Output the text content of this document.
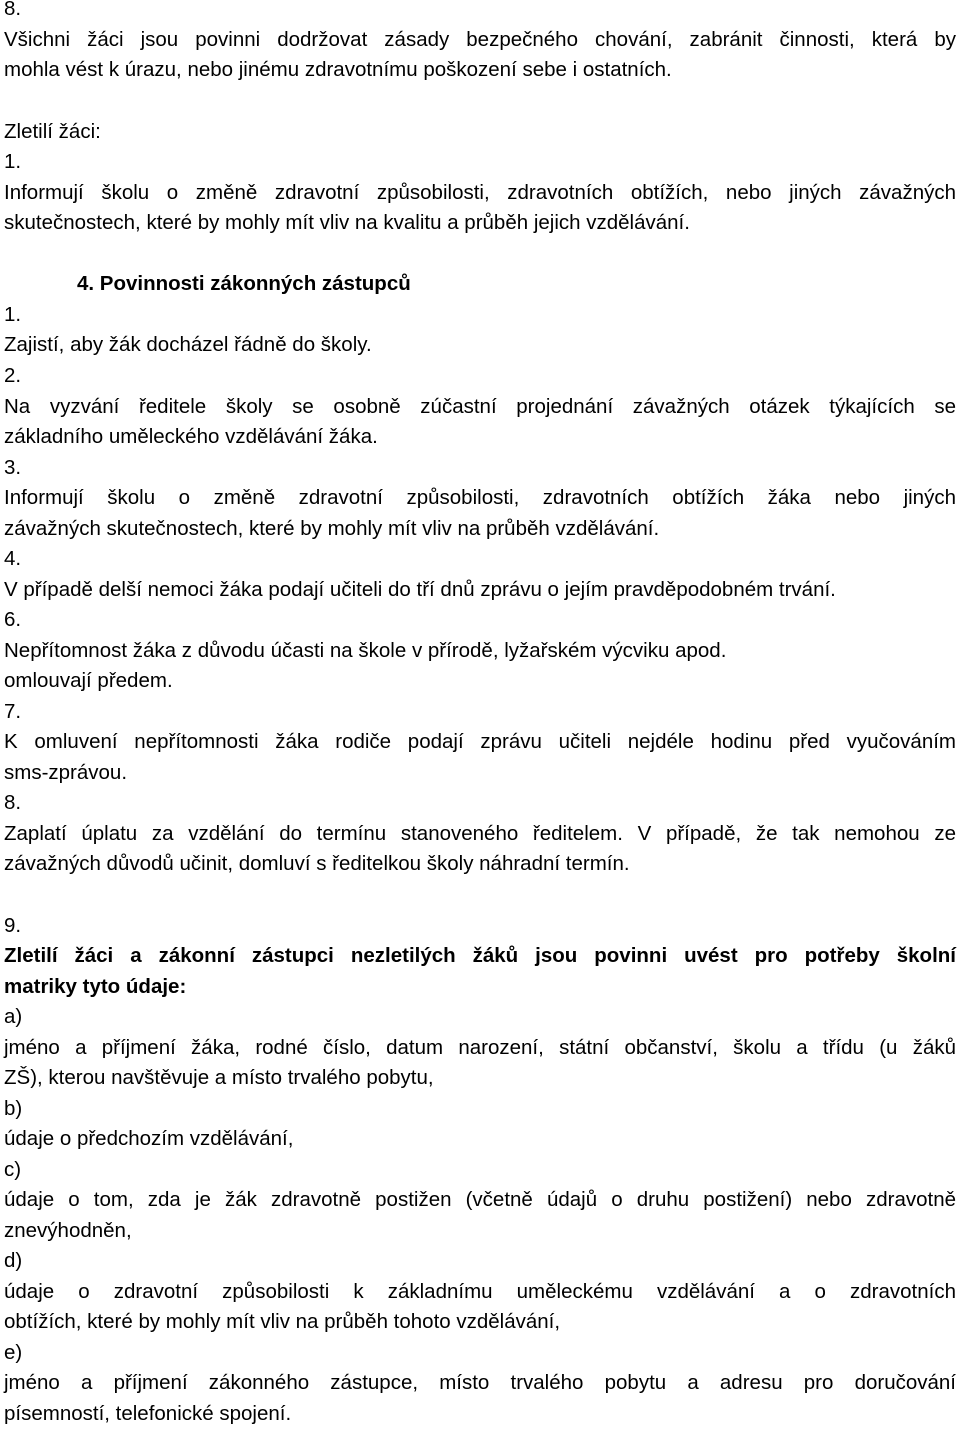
8.
Všichni žáci jsou povinni dodržovat zásady bezpečného chování, zabránit činnosti, která by
mohla vést k úrazu, nebo jinému zdravotnímu poškození sebe i ostatních.
Zletilí žáci:
1.
Informují školu o změně zdravotní způsobilosti, zdravotních obtížích, nebo jiných závažných
skutečnostech, které by mohly mít vliv na kvalitu a průběh jejich vzdělávání.
4. Povinnosti zákonných zástupců
1.
Zajistí, aby žák docházel řádně do školy.
2.
Na vyzvání ředitele školy se osobně zúčastní projednání závažných otázek týkajících se
základního uměleckého vzdělávání žáka.
3.
Informují školu o změně zdravotní způsobilosti, zdravotních obtížích žáka nebo jiných
závažných skutečnostech, které by mohly mít vliv na průběh vzdělávání.
4.
V případě delší nemoci žáka podají učiteli do tří dnů zprávu o jejím pravděpodobném trvání.
6.
Nepřítomnost žáka z důvodu účasti na škole v přírodě, lyžařském výcviku apod.
omlouvají předem.
7.
K omluvení nepřítomnosti žáka rodiče podají zprávu učiteli nejdéle hodinu před vyučováním
sms-zprávou.
8.
Zaplatí úplatu za vzdělání do termínu stanoveného ředitelem. V případě, že tak nemohou ze
závažných důvodů učinit, domluví s ředitelkou školy náhradní termín.
9.
Zletilí žáci a zákonní zástupci nezletilých žáků jsou povinni uvést pro potřeby školní
matriky tyto údaje:
a)
jméno a příjmení žáka, rodné číslo, datum narození, státní občanství, školu a třídu (u žáků
ZŠ), kterou navštěvuje a místo trvalého pobytu,
b)
údaje o předchozím vzdělávání,
c)
údaje o tom, zda je žák zdravotně postižen (včetně údajů o druhu postižení) nebo zdravotně
znevýhodněn,
d)
údaje o zdravotní způsobilosti k základnímu uměleckému vzdělávání a o zdravotních
obtížích, které by mohly mít vliv na průběh tohoto vzdělávání,
e)
jméno a příjmení zákonného zástupce, místo trvalého pobytu a adresu pro doručování
písemností, telefonické spojení.
